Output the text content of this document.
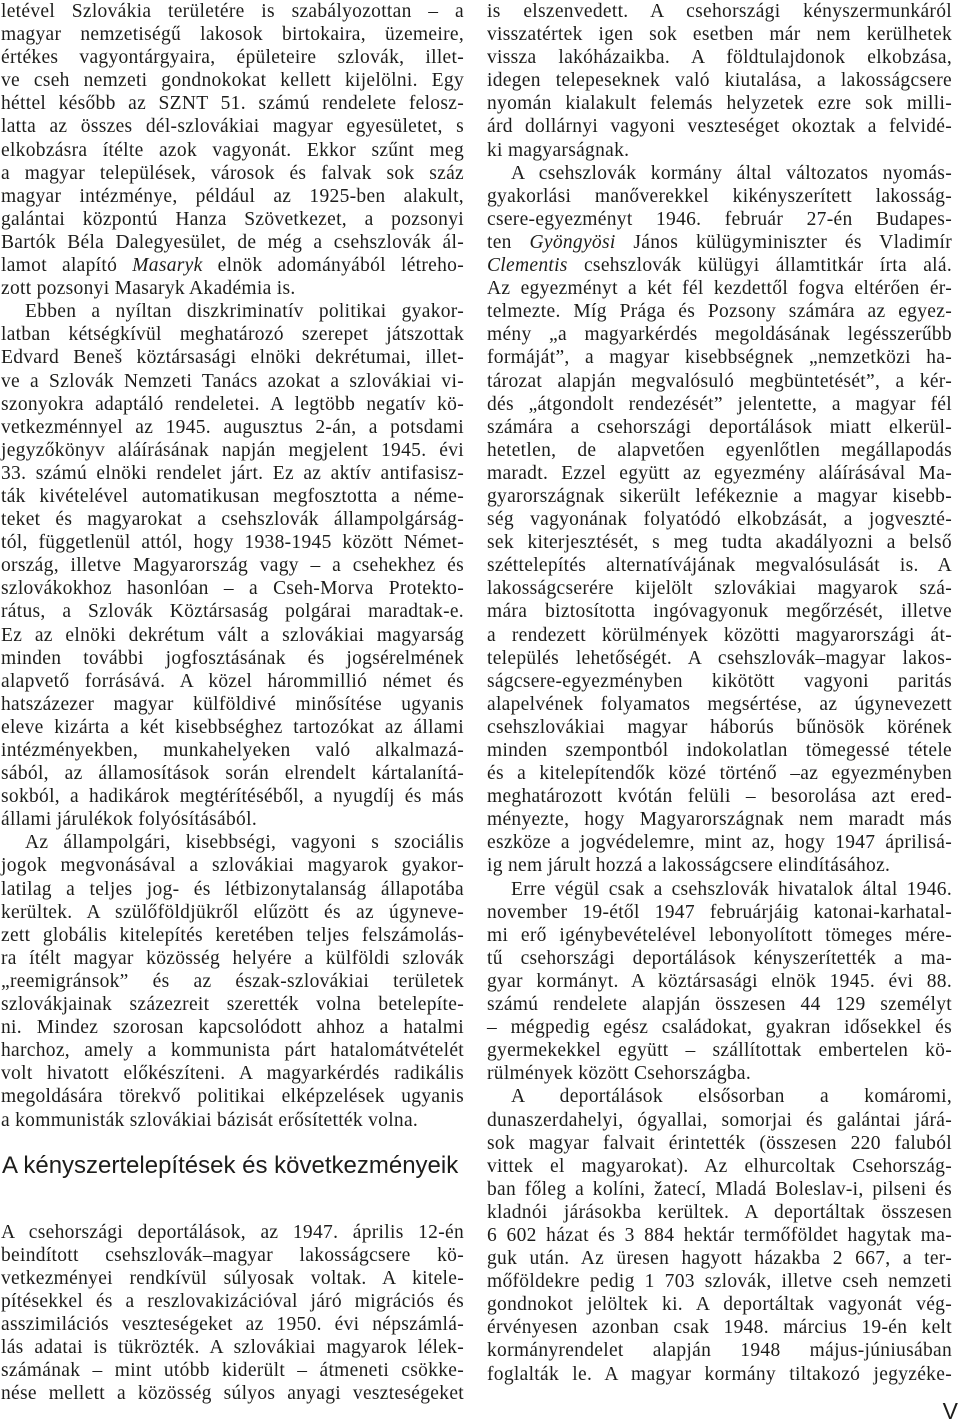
letével Szlovákia területére is szabályozottan – a
magyar nemzetiségű lakosok birtokaira, üzemeire,
értékes vagyontárgyaira, épületeire szlovák, illet-
ve cseh nemzeti gondnokokat kellett kijelölni. Egy
héttel később az SZNT 51. számú rendelete felosz-
latta az összes dél-szlovákiai magyar egyesületet, s
elkobzásra ítélte azok vagyonát. Ekkor szűnt meg
a magyar települések, városok és falvak sok száz
magyar intézménye, például az 1925-ben alakult,
galántai központú Hanza Szövetkezet, a pozsonyi
Bartók Béla Dalegyesület, de még a csehszlovák ál-
lamot alapító Masaryk elnök adományából létreho-
zott pozsonyi Masaryk Akadémia is.
Ebben a nyíltan diszkriminatív politikai gyakor-
latban kétségkívül meghatározó szerepet játszottak
Edvard Beneš köztársasági elnöki dekrétumai, illet-
ve a Szlovák Nemzeti Tanács azokat a szlovákiai vi-
szonyokra adaptáló rendeletei. A legtöbb negatív kö-
vetkezménnyel az 1945. augusztus 2-án, a potsdami
jegyzőkönyv aláírásának napján megjelent 1945. évi
33. számú elnöki rendelet járt. Ez az aktív antifasisz-
ták kivételével automatikusan megfosztotta a néme-
teket és magyarokat a csehszlovák állampolgárság-
tól, függetlenül attól, hogy 1938-1945 között Német-
ország, illetve Magyarország vagy – a csehekhez és
szlovákokhoz hasonlóan – a Cseh-Morva Protekto-
rátus, a Szlovák Köztársaság polgárai maradtak-e.
Ez az elnöki dekrétum vált a szlovákiai magyarság
minden további jogfosztásának és jogsérelmének
alapvető forrásává. A közel hárommillió német és
hatszázezer magyar külföldivé minősítése ugyanis
eleve kizárta a két kisebbséghez tartozókat az állami
intézményekben, munkahelyeken való alkalmazá-
sából, az államosítások során elrendelt kártalanítá-
sokból, a hadikárok megtérítéséből, a nyugdíj és más
állami járulékok folyósításából.
Az állampolgári, kisebbségi, vagyoni s szociális
jogok megvonásával a szlovákiai magyarok gyakor-
latilag a teljes jog- és létbizonytalanság állapotába
kerültek. A szülőföldjükről elűzött és az úgyneve-
zett globális kitelepítés keretében teljes felszámolás-
ra ítélt magyar közösség helyére a külföldi szlovák
„reemigránsok” és az észak-szlovákiai területek
szlovákjainak százezreit szerették volna betelepíte-
ni. Mindez szorosan kapcsolódott ahhoz a hatalmi
harchoz, amely a kommunista párt hatalomátvételét
volt hivatott előkészíteni. A magyarkérdés radikális
megoldására törekvő politikai elképzelések ugyanis
a kommunisták szlovákiai bázisát erősítették volna.
A kényszertelepítések és következményeik
A csehországi deportálások, az 1947. április 12-én
beindított csehszlovák–magyar lakosságcsere kö-
vetkezményei rendkívül súlyosak voltak. A kitele-
pítésekkel és a reszlovakizációval járó migrációs és
asszimilációs veszteségeket az 1950. évi népszámlá-
lás adatai is tükrözték. A szlovákiai magyarok lélek-
számának – mint utóbb kiderült – átmeneti csökke-
nése mellett a közösség súlyos anyagi veszteségeket
is elszenvedett. A csehországi kényszermunkáról
visszatértek igen sok esetben már nem kerülhetek
vissza lakóházaikba. A földtulajdonok elkobzása,
idegen telepeseknek való kiutalása, a lakosságcsere
nyomán kialakult felemás helyzetek ezre sok milli-
árd dollárnyi vagyoni veszteséget okoztak a felvidé-
ki magyarságnak.
A csehszlovák kormány által változatos nyomás-
gyakorlási manőverekkel kikényszerített lakosság-
csere-egyezményt 1946. február 27-én Budapes-
ten Gyöngyösi János külügyminiszter és Vladimír
Clementis csehszlovák külügyi államtitkár írta alá.
Az egyezményt a két fél kezdettől fogva eltérően ér-
telmezte. Míg Prága és Pozsony számára az egyez-
mény „a magyarkérdés megoldásának legésszerűbb
formáját”, a magyar kisebbségnek „nemzetközi ha-
tározat alapján megvalósuló megbüntetését”, a kér-
dés „átgondolt rendezését” jelentette, a magyar fél
számára a csehországi deportálások miatt elkerül-
hetetlen, de alapvetően egyenlőtlen megállapodás
maradt. Ezzel együtt az egyezmény aláírásával Ma-
gyarországnak sikerült lefékeznie a magyar kisebb-
ség vagyonának folyatódó elkobzását, a jogveszté-
sek kiterjesztését, s meg tudta akadályozni a belső
széttelepítés alternatívájának megvalósulását is. A
lakosságcserére kijelölt szlovákiai magyarok szá-
mára biztosította ingóvagyonuk megőrzését, illetve
a rendezett körülmények közötti magyarországi át-
település lehetőségét. A csehszlovák–magyar lakos-
ságcsere-egyezményben kikötött vagyoni paritás
alapelvének folyamatos megsértése, az úgynevezett
csehszlovákiai magyar háborús bűnösök körének
minden szempontból indokolatlan tömegessé tétele
és a kitelepítendők közé történő –az egyezményben
meghatározott kvótán felüli – besorolása azt ered-
ményezte, hogy Magyarországnak nem maradt más
eszköze a jogvédelemre, mint az, hogy 1947 áprilisá-
ig nem járult hozzá a lakosságcsere elindításához.
Erre végül csak a csehszlovák hivatalok által 1946.
november 19-étől 1947 februárjáig katonai-karhatal-
mi erő igénybevételével lebonyolított tömeges mére-
tű csehországi deportálások kényszerítették a ma-
gyar kormányt. A köztársasági elnök 1945. évi 88.
számú rendelete alapján összesen 44 129 személyt
– mégpedig egész családokat, gyakran idősekkel és
gyermekekkel együtt – szállítottak embertelen kö-
rülmények között Csehországba.
A deportálások elsősorban a komáromi,
dunaszerdahelyi, ógyallai, somorjai és galántai járá-
sok magyar falvait érintették (összesen 220 faluból
vittek el magyarokat). Az elhurcoltak Csehország-
ban főleg a kolíni, žatecí, Mladá Boleslav-i, pilseni és
kladnói járásokba kerültek. A deportáltak összesen
6 602 házat és 3 884 hektár termőföldet hagytak ma-
guk után. Az üresen hagyott házakba 2 667, a ter-
mőföldekre pedig 1 703 szlovák, illetve cseh nemzeti
gondnokot jelöltek ki. A deportáltak vagyonát vég-
érvényesen azonban csak 1948. március 19-én kelt
kormányrendelet alapján 1948 május-júniusában
foglalták le. A magyar kormány tiltakozó jegyzéke-
V
